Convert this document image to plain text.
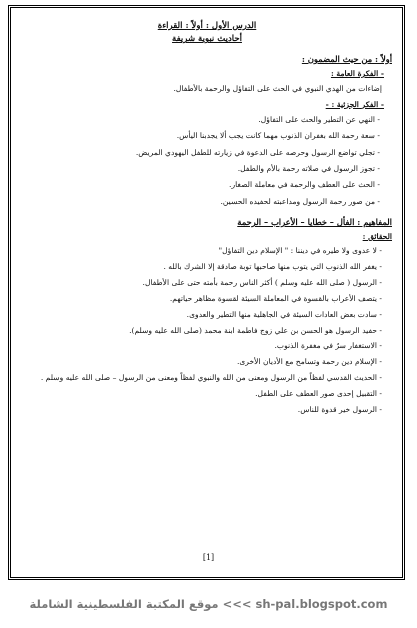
الدرس الأول : أولاً : القراءة

أحاديث نبوية شريفة

أولاً : من حيث المضمون :

- الفكرة العامة :

إضاءات من الهدي النبوي في الحث على التفاؤل والرحمة بالأطفال.

- الفكر الجزئية : -

- النهي عن التطير والحث على التفاؤل.
- سعة رحمة الله بغفران الذنوب مهما كانت يجب ألا يجدبنا اليأس.
- تجلي تواضع الرسول وحرصه على الدعوة في زيارته للطفل اليهودي المريض.
- تجوز الرسول في صلاته رحمة بالأم والطفل.
- الحث على العطف والرحمة في معاملة الصغار.
- من صور رحمة الرسول ومداعبته لحفيده الحسين.

المفاهيم : الفأل – خطايا – الأعراب – الرحمة

الحقائق :

- لا عدوى ولا طيره في ديننا : " الإسلام دين التفاؤل"
- يغفر الله الذنوب التي يتوب منها صاحبها توبة صادقة إلا الشرك بالله .
- الرسول ( صلى الله عليه وسلم ) أكثر الناس رحمة بأمته حتى على الأطفال.
- يتصف الأعراب بالقسوة في المعاملة السيئة لقسوة مظاهر حياتهم.
- سادت بعض العادات السيئة في الجاهلية منها التطير والعدوى.
- حفيد الرسول هو الحسن بن علي زوج فاطمة ابنة محمد (صلى الله عليه وسلم).
- الاستغفار سرٌ في مغفرة الذنوب.
- الإسلام دين رحمة وتسامح مع الأديان الأخرى.
- الحديث القدسي لفظاً من الرسول ومعنى من الله والنبوي لفظاً ومعنى من الرسول – صلى الله عليه وسلم .
- التقبيل إحدى صور العطف على الطفل.
- الرسول خير قدوة للناس.
[1]
موقع المكتبة الفلسطينية الشاملة <<< sh-pal.blogspot.com
